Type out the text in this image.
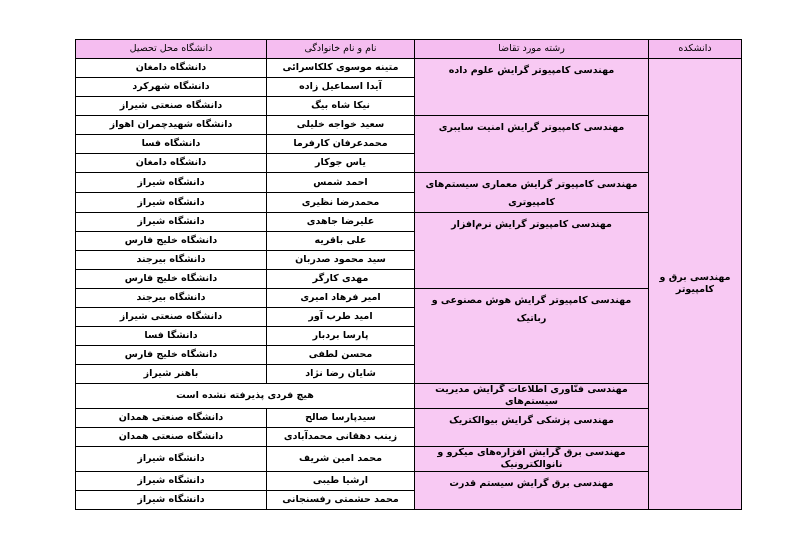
دانشکده	رشته مورد تقاضا	نام و نام خانوادگی	دانشگاه محل تحصیل
مهندسی برق و کامپیوتر	مهندسی کامپیوتر گرایش علوم داده	متینه موسوی کلکاسرائی	دانشگاه دامغان
		آیدا اسماعیل زاده	دانشگاه شهرکرد
		نیکا شاه بیگ	دانشگاه صنعتی شیراز
	مهندسی کامپیوتر گرایش امنیت سایبری	سعید خواجه خلیلی	دانشگاه شهیدچمران اهواز
		محمدعرفان کارفرما	دانشگاه فسا
		یاس جوکار	دانشگاه دامغان
	مهندسی کامپیوتر گرایش معماری سیستم‌های کامپیوتری	احمد شمس	دانشگاه شیراز
		محمدرضا نظیری	دانشگاه شیراز
	مهندسی کامپیوتر گرایش نرم‌افزار	علیرضا جاهدی	دانشگاه شیراز
		علی باقریه	دانشگاه خلیج فارس
		سید محمود صدربان	دانشگاه بیرجند
		مهدی کارگر	دانشگاه خلیج فارس
	مهندسی کامپیوتر گرایش هوش مصنوعی و رباتیک	امیر فرهاد امیری	دانشگاه بیرجند
		امید طرب آور	دانشگاه صنعتی شیراز
		پارسا بردبار	دانشگا فسا
		محسن لطفی	دانشگاه خلیج فارس
		شایان رضا نژاد	باهنر شیراز
	مهندسی فنّاوری اطلاعات گرایش مدیریت سیستم‌های	هیچ فردی پذیرفته نشده است	
	مهندسی پزشکی گرایش بیوالکتریک	سیدپارسا صالح	دانشگاه صنعتی همدان
		زینب دهقانی محمدآبادی	دانشگاه صنعتی همدان
	مهندسی برق گرایش افزاره‌های میکرو و نانوالکترونیک	محمد امین شریف	دانشگاه شیراز
	مهندسی برق گرایش سیستم قدرت	ارشیا طیبی	دانشگاه شیراز
		محمد حشمتی رفسنجانی	دانشگاه شیراز
